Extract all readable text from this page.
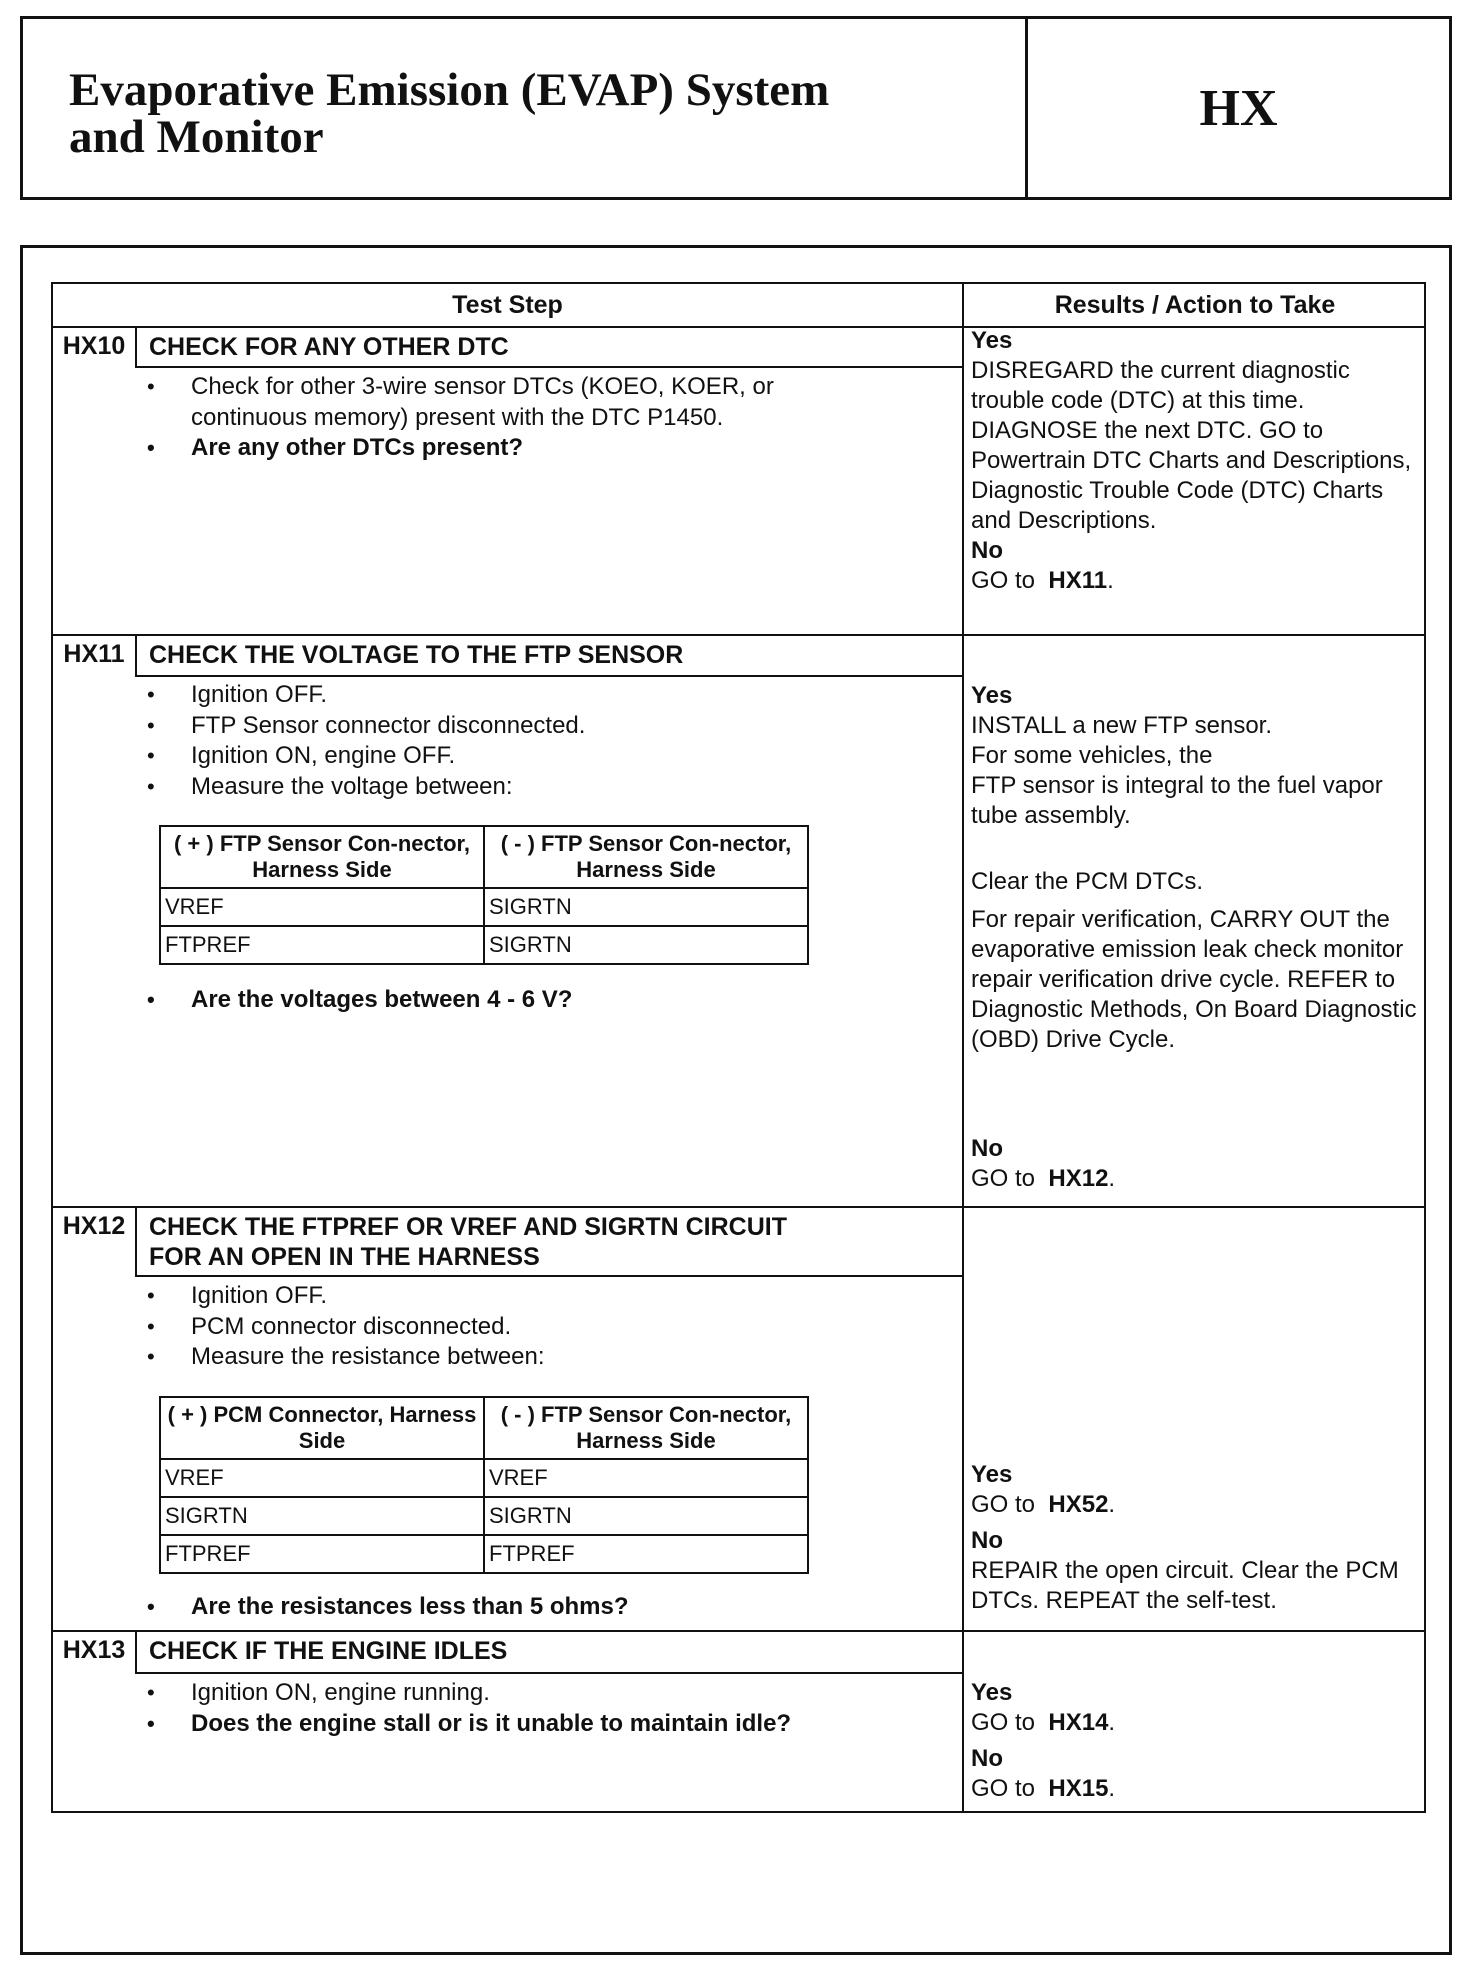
Evaporative Emission (EVAP) System
and Monitor
HX
Test Step	Results / Action to Take
HX10 CHECK FOR ANY OTHER DTC
• Check for other 3-wire sensor DTCs (KOEO, KOER, or continuous memory) present with the DTC P1450.
• Are any other DTCs present?
Yes
DISREGARD the current diagnostic trouble code (DTC) at this time. DIAGNOSE the next DTC. GO to Powertrain DTC Charts and Descriptions, Diagnostic Trouble Code (DTC) Charts and Descriptions.
No
GO to HX11.
HX11 CHECK THE VOLTAGE TO THE FTP SENSOR
• Ignition OFF.
• FTP Sensor connector disconnected.
• Ignition ON, engine OFF.
• Measure the voltage between:
( + ) FTP Sensor Con-nector, Harness Side	( - ) FTP Sensor Con-nector, Harness Side
VREF	SIGRTN
FTPREF	SIGRTN
• Are the voltages between 4 - 6 V?
Yes
INSTALL a new FTP sensor.
For some vehicles, the
FTP sensor is integral to the fuel vapor tube assembly.
Clear the PCM DTCs.
For repair verification, CARRY OUT the evaporative emission leak check monitor repair verification drive cycle. REFER to Diagnostic Methods, On Board Diagnostic (OBD) Drive Cycle.
No
GO to HX12.
HX12 CHECK THE FTPREF OR VREF AND SIGRTN CIRCUIT
FOR AN OPEN IN THE HARNESS
• Ignition OFF.
• PCM connector disconnected.
• Measure the resistance between:
( + ) PCM Connector, Harness Side	( - ) FTP Sensor Con-nector, Harness Side
VREF	VREF
SIGRTN	SIGRTN
FTPREF	FTPREF
• Are the resistances less than 5 ohms?
Yes
GO to HX52.
No
REPAIR the open circuit. Clear the PCM DTCs. REPEAT the self-test.
HX13 CHECK IF THE ENGINE IDLES
• Ignition ON, engine running.
• Does the engine stall or is it unable to maintain idle?
Yes
GO to HX14.
No
GO to HX15.
